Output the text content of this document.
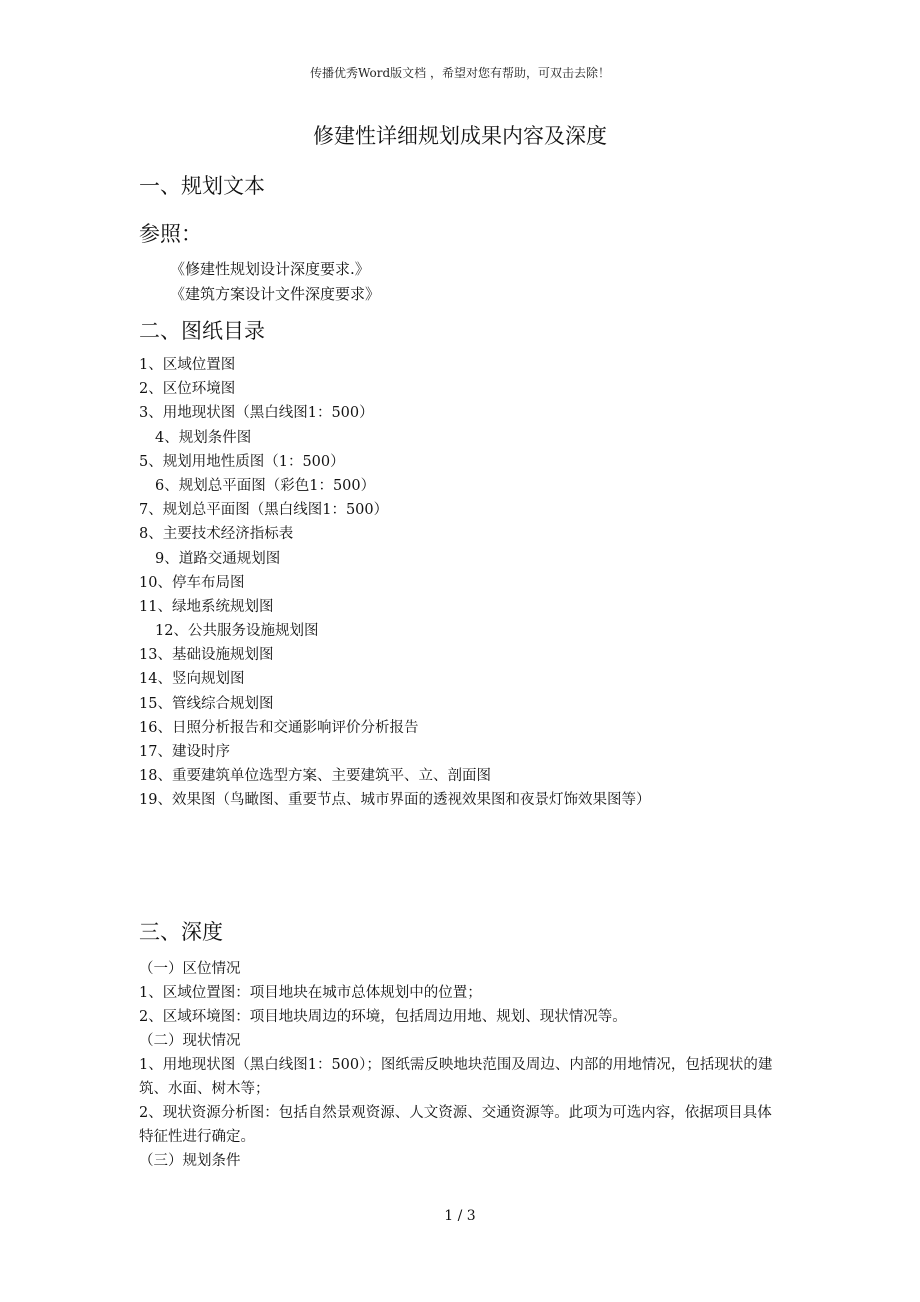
传播优秀Word版文档 ，希望对您有帮助，可双击去除！
修建性详细规划成果内容及深度
一、规划文本
参照：
《修建性规划设计深度要求.》
《建筑方案设计文件深度要求》
二、图纸目录
1、区域位置图
2、区位环境图
3、用地现状图（黑白线图1：500）
4、规划条件图
5、规划用地性质图（1：500）
6、规划总平面图（彩色1：500）
7、规划总平面图（黑白线图1：500）
8、主要技术经济指标表
9、道路交通规划图
10、停车布局图
11、绿地系统规划图
12、公共服务设施规划图
13、基础设施规划图
14、竖向规划图
15、管线综合规划图
16、日照分析报告和交通影响评价分析报告
17、建设时序
18、重要建筑单位选型方案、主要建筑平、立、剖面图
19、效果图（鸟瞰图、重要节点、城市界面的透视效果图和夜景灯饰效果图等）
三、深度
（一）区位情况
1、区域位置图：项目地块在城市总体规划中的位置；
2、区域环境图：项目地块周边的环境，包括周边用地、规划、现状情况等。
（二）现状情况
1、用地现状图（黑白线图1：500）；图纸需反映地块范围及周边、内部的用地情况，包括现状的建筑、水面、树木等；
2、现状资源分析图：包括自然景观资源、人文资源、交通资源等。此项为可选内容，依据项目具体特征性进行确定。
（三）规划条件
1 / 3
